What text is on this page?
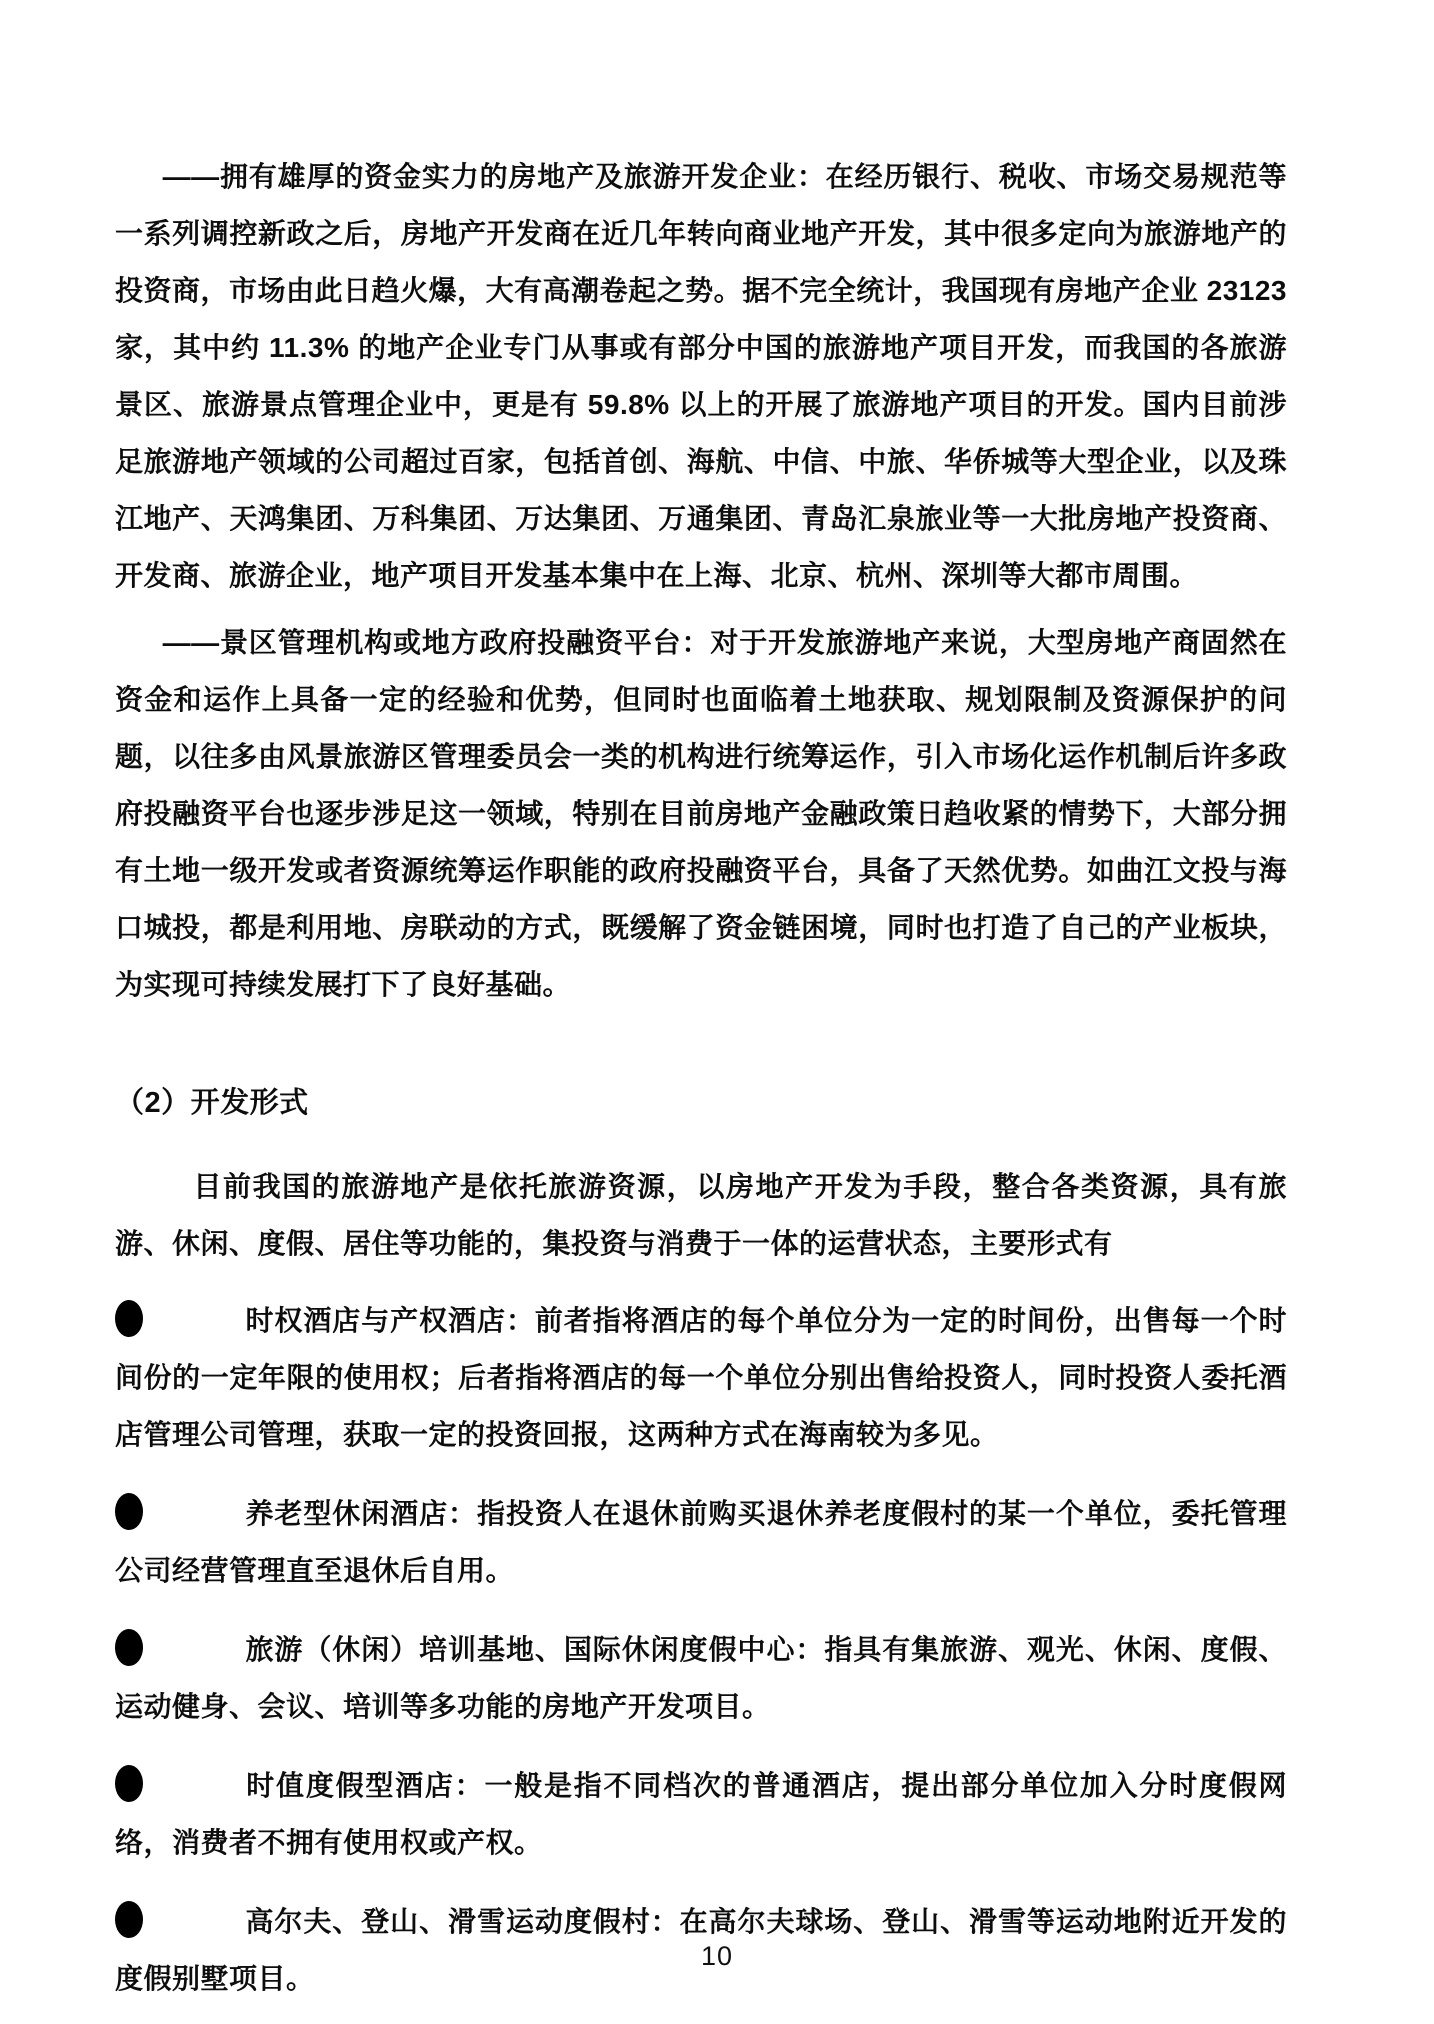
——拥有雄厚的资金实力的房地产及旅游开发企业：在经历银行、税收、市场交易规范等一系列调控新政之后，房地产开发商在近几年转向商业地产开发，其中很多定向为旅游地产的投资商，市场由此日趋火爆，大有高潮卷起之势。据不完全统计，我国现有房地产企业 23123 家，其中约 11.3% 的地产企业专门从事或有部分中国的旅游地产项目开发，而我国的各旅游景区、旅游景点管理企业中，更是有 59.8% 以上的开展了旅游地产项目的开发。国内目前涉足旅游地产领域的公司超过百家，包括首创、海航、中信、中旅、华侨城等大型企业，以及珠江地产、天鸿集团、万科集团、万达集团、万通集团、青岛汇泉旅业等一大批房地产投资商、开发商、旅游企业，地产项目开发基本集中在上海、北京、杭州、深圳等大都市周围。

——景区管理机构或地方政府投融资平台：对于开发旅游地产来说，大型房地产商固然在资金和运作上具备一定的经验和优势，但同时也面临着土地获取、规划限制及资源保护的问题，以往多由风景旅游区管理委员会一类的机构进行统筹运作，引入市场化运作机制后许多政府投融资平台也逐步涉足这一领域，特别在目前房地产金融政策日趋收紧的情势下，大部分拥有土地一级开发或者资源统筹运作职能的政府投融资平台，具备了天然优势。如曲江文投与海口城投，都是利用地、房联动的方式，既缓解了资金链困境，同时也打造了自己的产业板块，为实现可持续发展打下了良好基础。

（2）开发形式

目前我国的旅游地产是依托旅游资源，以房地产开发为手段，整合各类资源，具有旅游、休闲、度假、居住等功能的，集投资与消费于一体的运营状态，主要形式有

时权酒店与产权酒店：前者指将酒店的每个单位分为一定的时间份，出售每一个时间份的一定年限的使用权；后者指将酒店的每一个单位分别出售给投资人，同时投资人委托酒店管理公司管理，获取一定的投资回报，这两种方式在海南较为多见。

养老型休闲酒店：指投资人在退休前购买退休养老度假村的某一个单位，委托管理公司经营管理直至退休后自用。

旅游（休闲）培训基地、国际休闲度假中心：指具有集旅游、观光、休闲、度假、运动健身、会议、培训等多功能的房地产开发项目。

时值度假型酒店：一般是指不同档次的普通酒店，提出部分单位加入分时度假网络，消费者不拥有使用权或产权。

高尔夫、登山、滑雪运动度假村：在高尔夫球场、登山、滑雪等运动地附近开发的度假别墅项目。

10
